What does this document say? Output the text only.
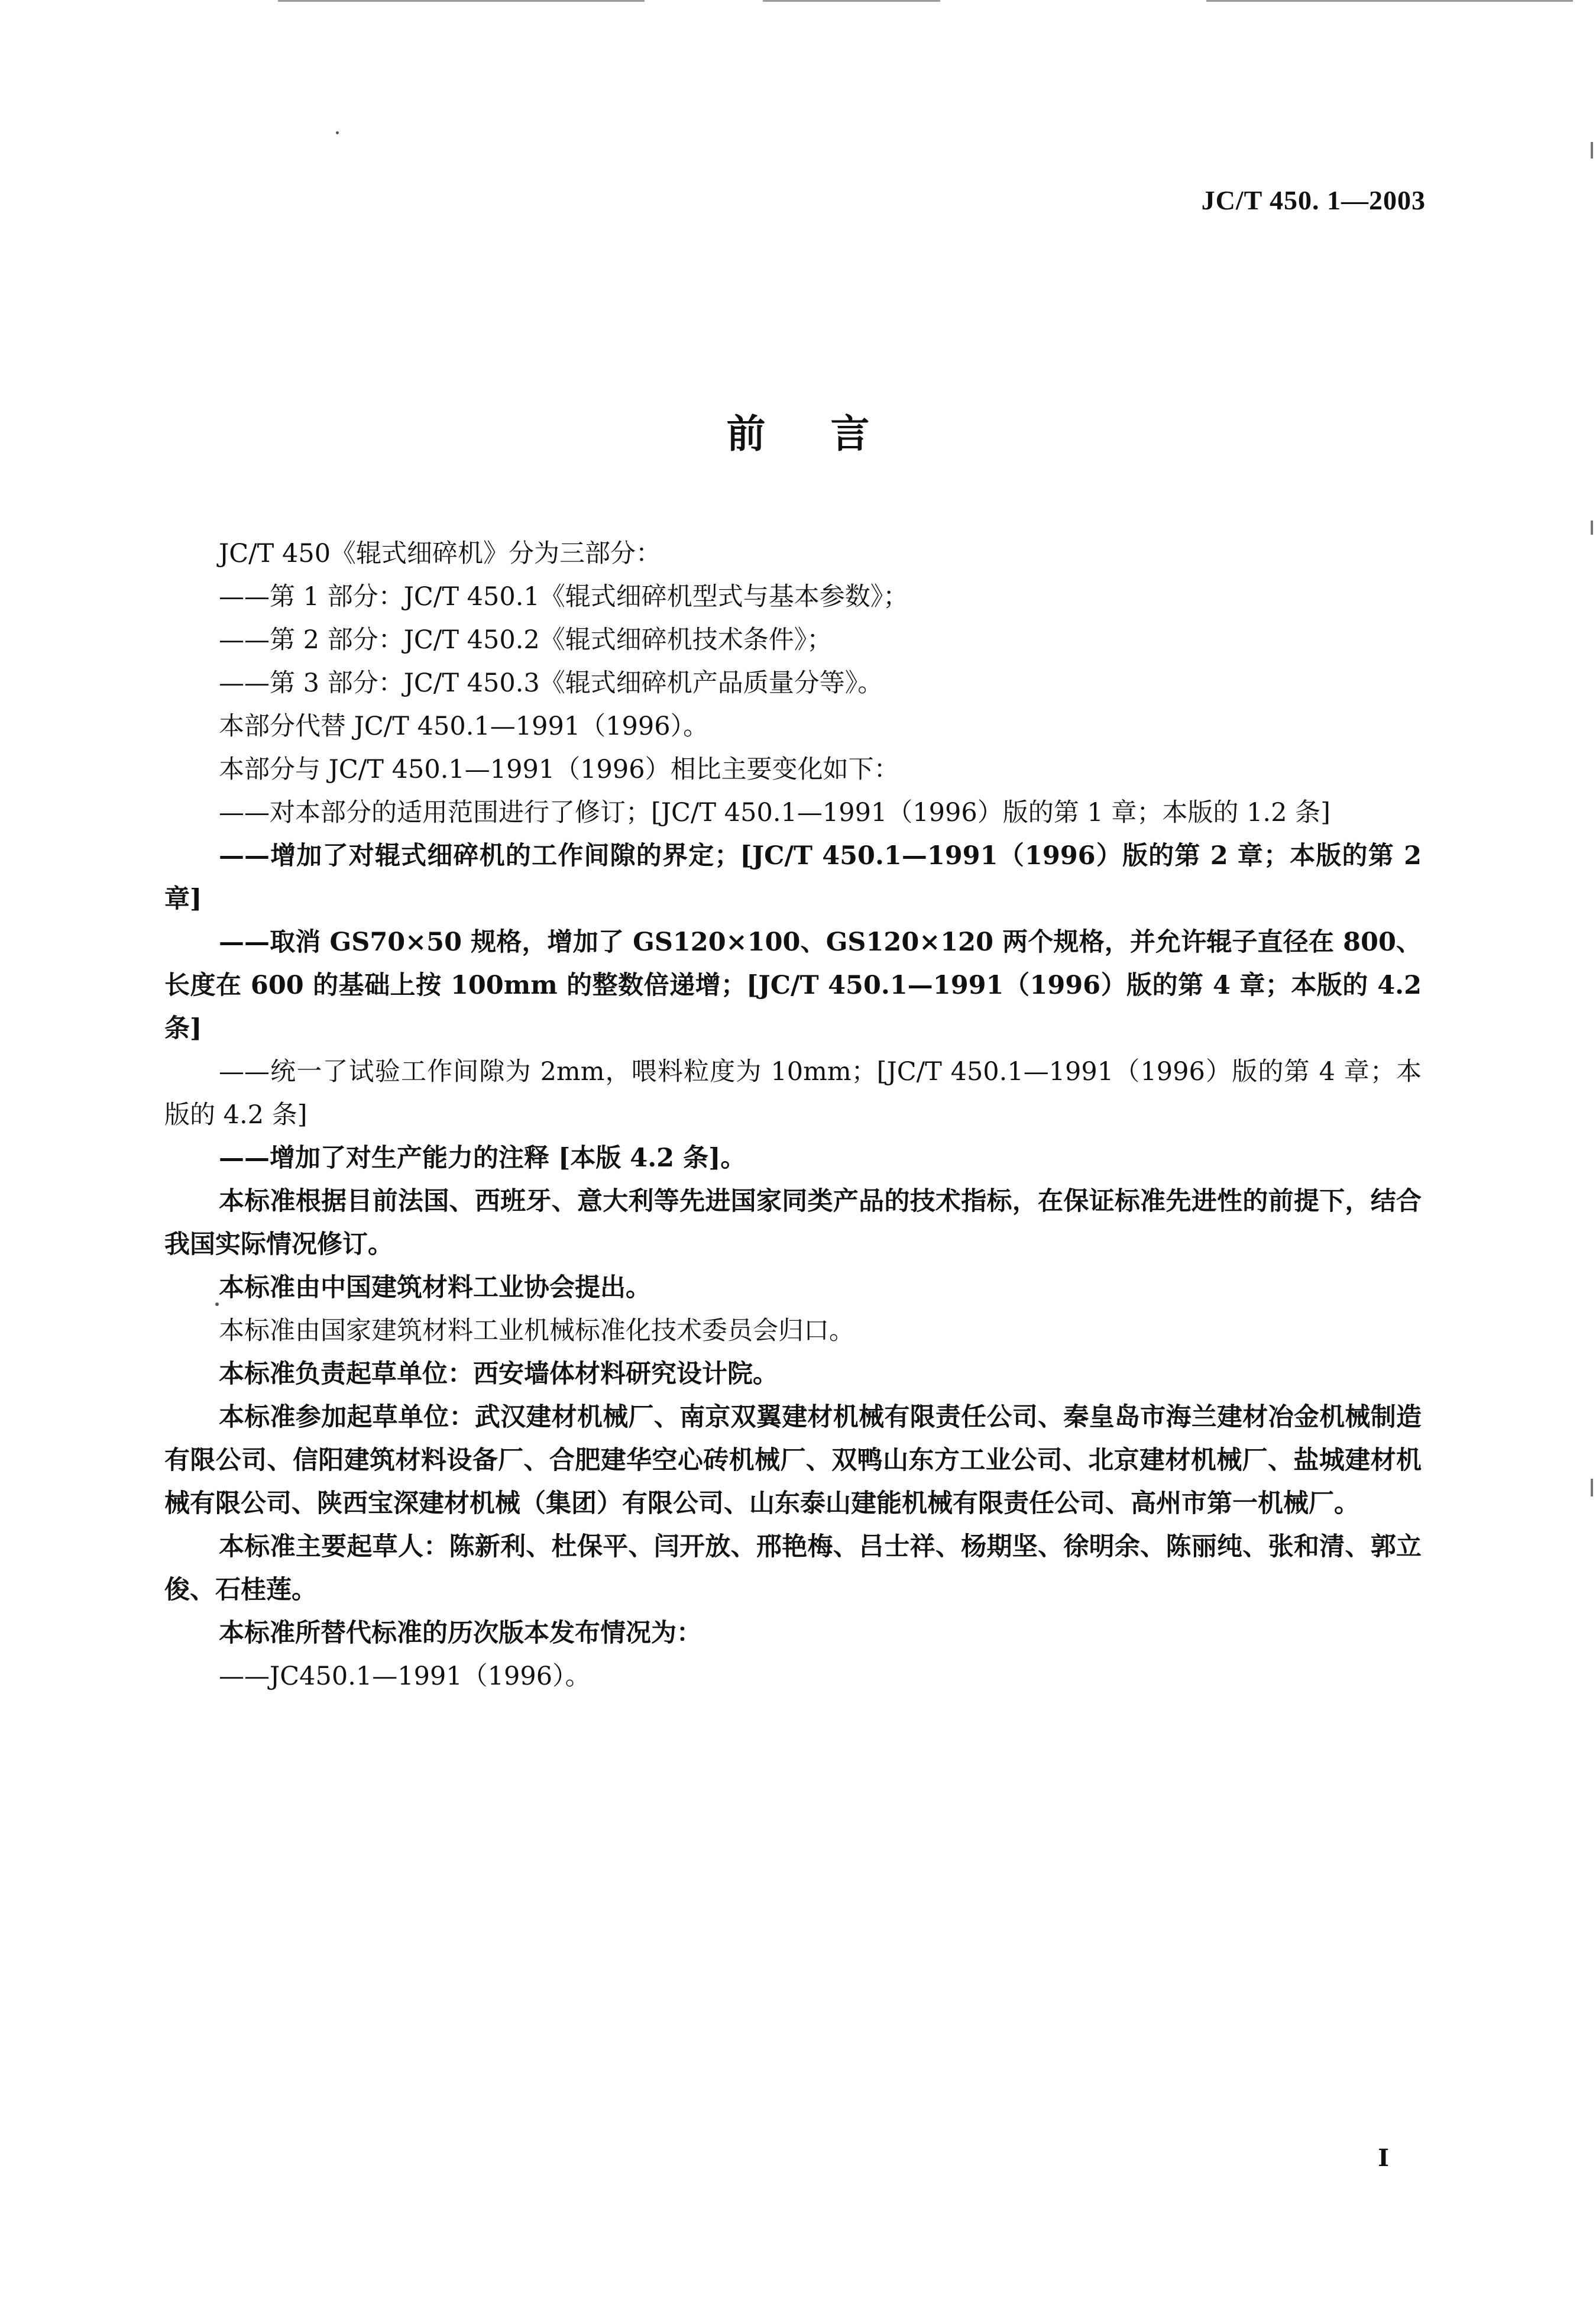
JC/T 450. 1—2003
前言

JC/T 450《辊式细碎机》分为三部分：

——第 1 部分：JC/T 450.1《辊式细碎机型式与基本参数》；

——第 2 部分：JC/T 450.2《辊式细碎机技术条件》；

——第 3 部分：JC/T 450.3《辊式细碎机产品质量分等》。

本部分代替 JC/T 450.1—1991（1996）。

本部分与 JC/T 450.1—1991（1996）相比主要变化如下：

——对本部分的适用范围进行了修订；[JC/T 450.1—1991（1996）版的第 1 章；本版的 1.2 条]

——增加了对辊式细碎机的工作间隙的界定；[JC/T 450.1—1991（1996）版的第 2 章；本版的第 2 章]

——取消 GS70×50 规格，增加了 GS120×100、GS120×120 两个规格，并允许辊子直径在 800、长度在 600 的基础上按 100mm 的整数倍递增；[JC/T 450.1—1991（1996）版的第 4 章；本版的 4.2 条]

——统一了试验工作间隙为 2mm，喂料粒度为 10mm；[JC/T 450.1—1991（1996）版的第 4 章；本版的 4.2 条]

——增加了对生产能力的注释 [本版 4.2 条]。

本标准根据目前法国、西班牙、意大利等先进国家同类产品的技术指标，在保证标准先进性的前提下，结合我国实际情况修订。

本标准由中国建筑材料工业协会提出。

本标准由国家建筑材料工业机械标准化技术委员会归口。

本标准负责起草单位：西安墙体材料研究设计院。

本标准参加起草单位：武汉建材机械厂、南京双翼建材机械有限责任公司、秦皇岛市海兰建材冶金机械制造有限公司、信阳建筑材料设备厂、合肥建华空心砖机械厂、双鸭山东方工业公司、北京建材机械厂、盐城建材机械有限公司、陕西宝深建材机械（集团）有限公司、山东泰山建能机械有限责任公司、高州市第一机械厂。

本标准主要起草人：陈新利、杜保平、闫开放、邢艳梅、吕士祥、杨期坚、徐明余、陈丽纯、张和清、郭立俊、石桂莲。

本标准所替代标准的历次版本发布情况为：

——JC450.1—1991（1996）。

I
